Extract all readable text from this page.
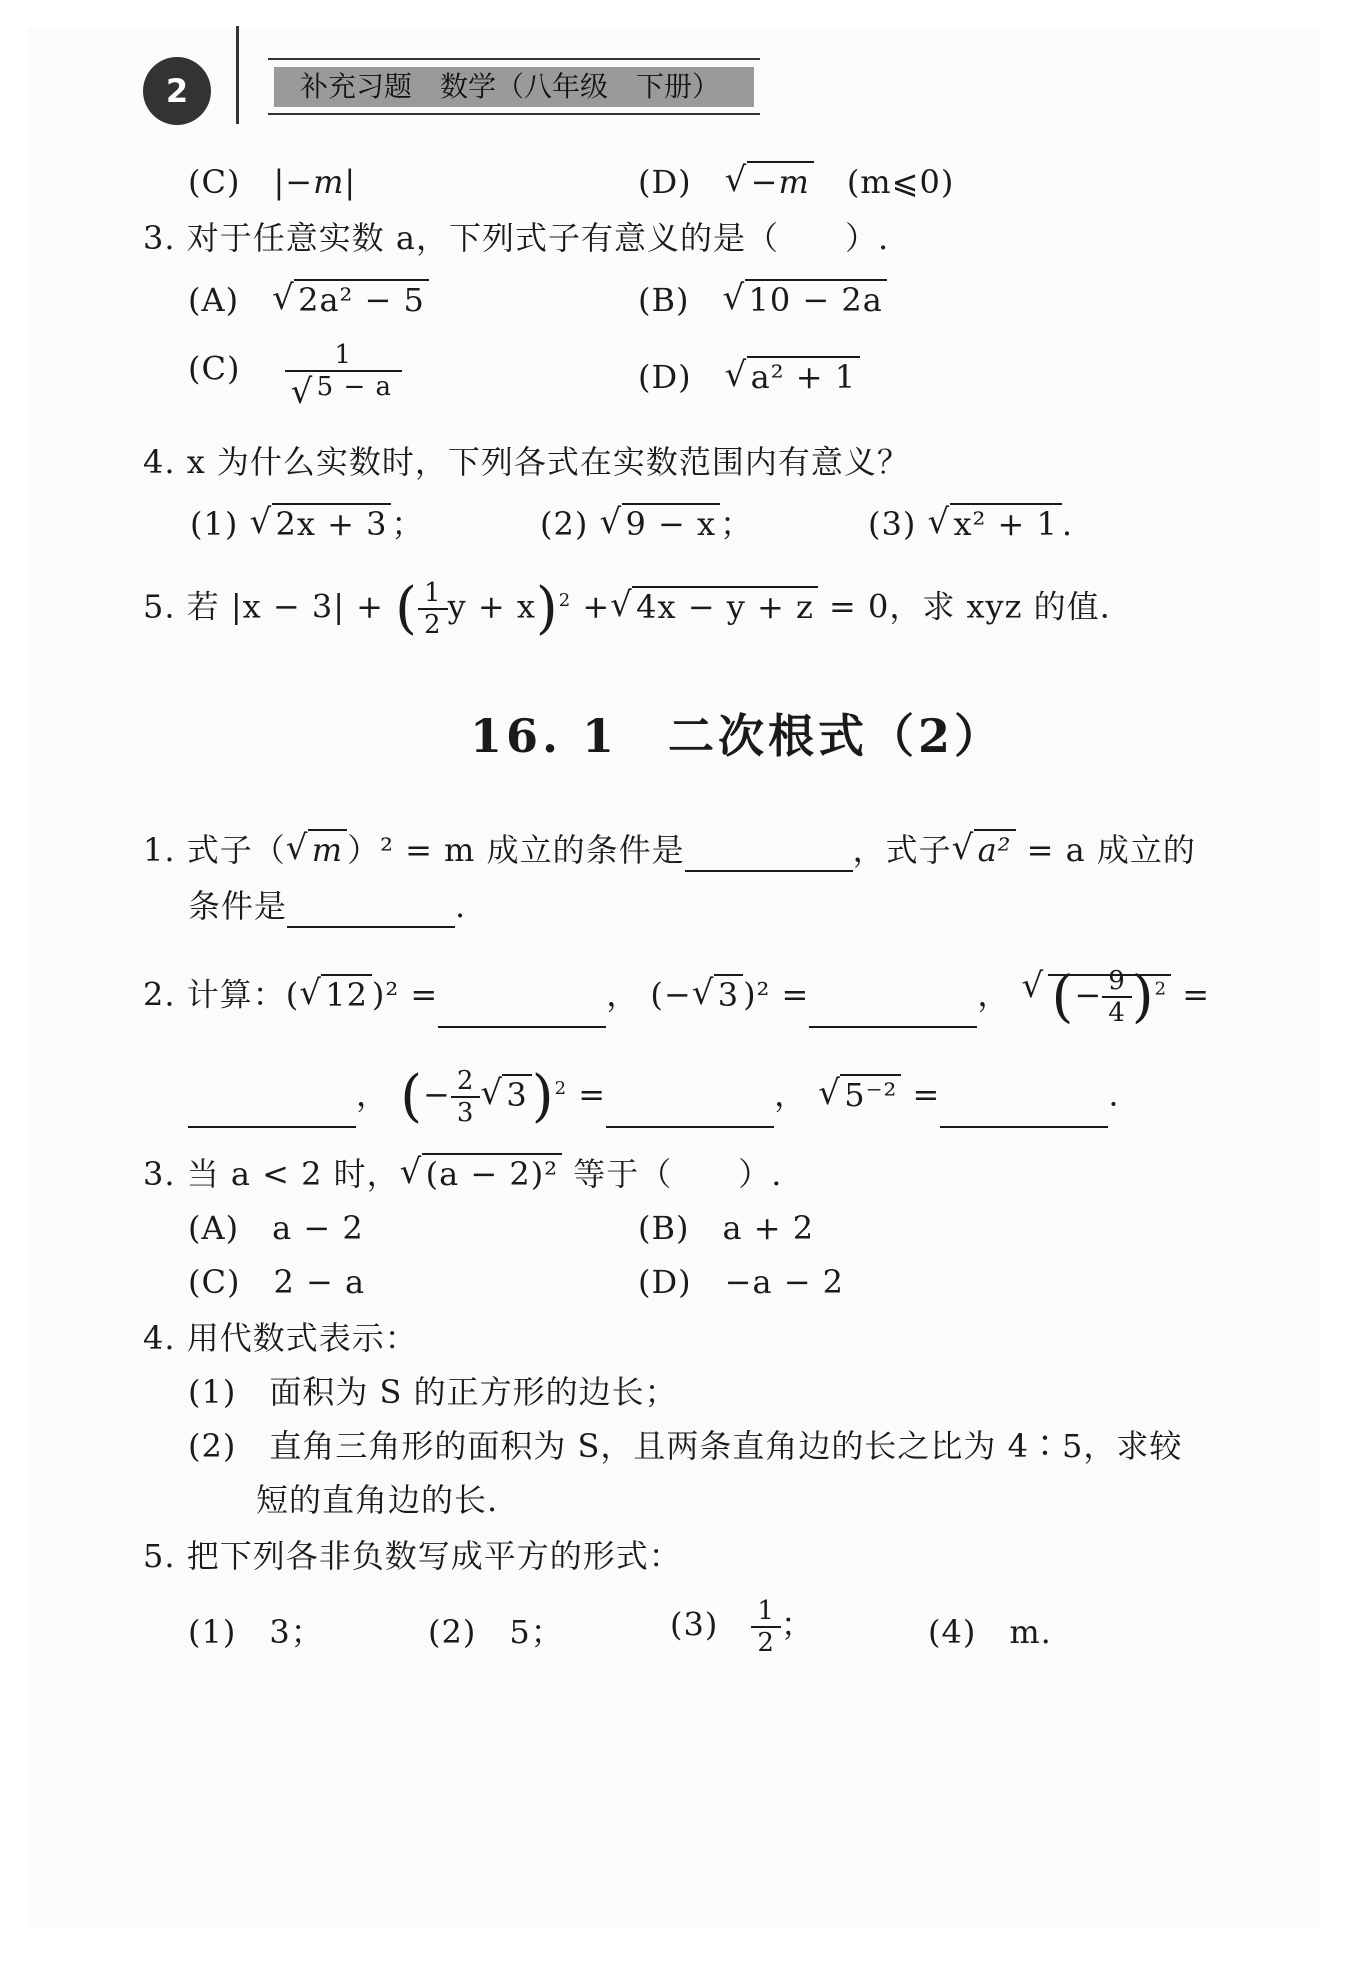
2	补充习题　数学（八年级　下册）
(C)　 |−m|	(D)　 √ −m　 (m⩽0)
3. 对于任意实数 a，下列式子有意义的是（　　）.
(A)　 √ 2a² − 5	(B)　 √ 10 − 2a
(C)　 1
√ 5 − a	(D)　 √ a² + 1
4. x 为什么实数时，下列各式在实数范围内有意义？
(1) √ 2x + 3 ；	(2) √ 9 − x ；	(3) √ x² + 1 .
5. 若 |x − 3| + ( $\frac{1}{2}$ y + x)$^2$ + √ 4x − y + z = 0，求 xyz 的值.
16. 1　二次根式（2）
1. 式子（ √ m ）² = m 成立的条件是	，式子 √ a² = a 成立的
条件是	.
2. 计算：( √ 12 )² =	， (− √ 3 )² =	， √ (− $\frac{9}{4} )^2$ =
， (− $\frac{2}{3}$ √ 3)$^2$ =	， √ 5⁻² =	.
3. 当 a < 2 时， √ (a − 2)² 等于（　　）.
(A)　a − 2	(B)　a + 2
(C)　2 − a	(D)　−a − 2
4. 用代数式表示：
(1)　面积为 S 的正方形的边长；
(2)　直角三角形的面积为 S，且两条直角边的长之比为 4∶5，求较
短的直角边的长.
5. 把下列各非负数写成平方的形式：
(1)　3；	(2)　5；	(3)　 $\frac{1}{2}$ ；	(4)　m.
